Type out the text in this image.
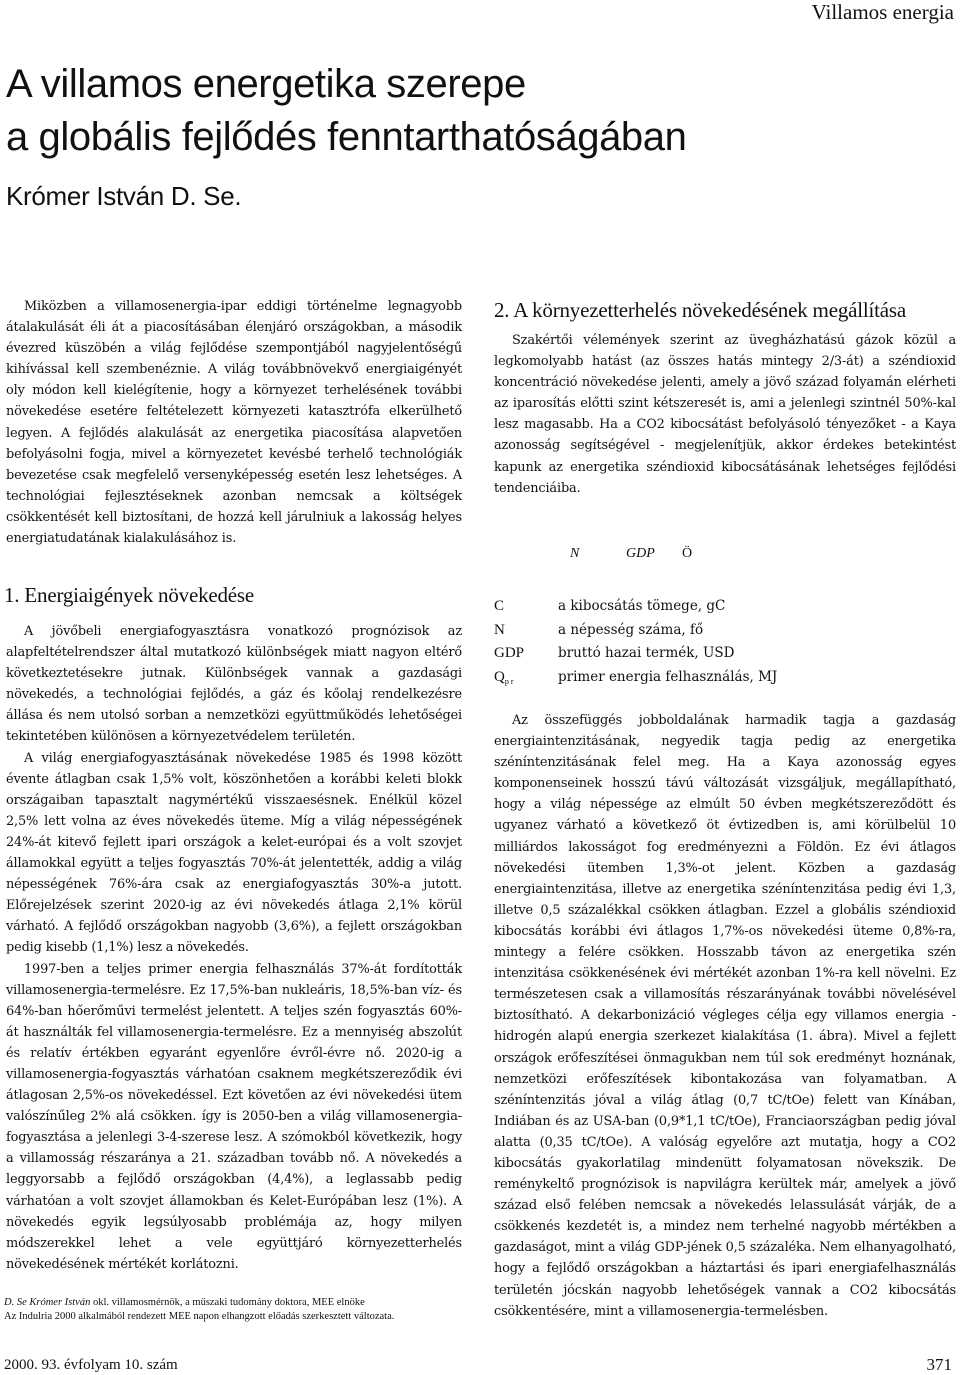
Villamos energia
A villamos energetika szerepe
a globális fejlődés fenntarthatóságában
Krómer István D. Se.

Miközben a villamosenergia-ipar eddigi történelme legnagyobb átalakulását éli át a piacosításában élenjáró országokban, a második évezred küszöbén a világ fejlődése szempontjából nagyjelentőségű kihívással kell szembenéznie. A világ továbbnövekvő energiaigényét oly módon kell kielégítenie, hogy a környezet terhelésének további növekedése esetére feltételezett környezeti katasztrófa elkerülhető legyen. A fejlődés alakulását az energetika piacosítása alapvetően befolyásolni fogja, mivel a környezetet kevésbé terhelő technológiák bevezetése csak megfelelő versenyképesség esetén lesz lehetséges. A technológiai fejlesztéseknek azonban nemcsak a költségek csökkentését kell biztosítani, de hozzá kell járulniuk a lakosság helyes energiatudatának kialakulásához is.

1. Energiaigények növekedése

A jövőbeli energiafogyasztásra vonatkozó prognózisok az alapfeltételrendszer által mutatkozó különbségek miatt nagyon eltérő következtetésekre jutnak. Különbségek vannak a gazdasági növekedés, a technológiai fejlődés, a gáz és kőolaj rendelkezésre állása és nem utolsó sorban a nemzetközi együttműködés lehetőségei tekintetében különösen a környezetvédelem területén.

A világ energiafogyasztásának növekedése 1985 és 1998 között évente átlagban csak 1,5% volt, köszönhetően a korábbi keleti blokk országaiban tapasztalt nagymértékű visszaesésnek. Enélkül közel 2,5% lett volna az éves növekedés üteme. Míg a világ népességének 24%-át kitevő fejlett ipari országok a kelet-európai és a volt szovjet államokkal együtt a teljes fogyasztás 70%-át jelentették, addig a világ népességének 76%-ára csak az energiafogyasztás 30%-a jutott. Előrejelzések szerint 2020-ig az évi növekedés átlaga 2,1% körül várható. A fejlődő országokban nagyobb (3,6%), a fejlett országokban pedig kisebb (1,1%) lesz a növekedés.

1997-ben a teljes primer energia felhasználás 37%-át fordították villamosenergia-termelésre. Ez 17,5%-ban nukleáris, 18,5%-ban víz- és 64%-ban hőerőművi termelést jelentett. A teljes szén fogyasztás 60%-át használták fel villamosenergia-termelésre. Ez a mennyiség abszolút és relatív értékben egyaránt egyenlőre évről-évre nő. 2020-ig a villamosenergia-fogyasztás várhatóan csaknem megkétszereződik évi átlagosan 2,5%-os növekedéssel. Ezt követően az évi növekedési ütem valószínűleg 2% alá csökken. így is 2050-ben a világ villamosenergia-fogyasztása a jelenlegi 3-4-szerese lesz. A szómokból következik, hogy a villamosság részaránya a 21. században tovább nő. A növekedés a leggyorsabb a fejlődő országokban (4,4%), a leglassabb pedig várhatóan a volt szovjet államokban és Kelet-Európában lesz (1%). A növekedés egyik legsúlyosabb problémája az, hogy milyen módszerekkel lehet a vele együttjáró környezetterhelés növekedésének mértékét korlátozni.

D. Se Krómer István okl. villamosmérnök, a műszaki tudomány doktora, MEE elnöke
Az Indulria 2000 alkalmából rendezett MEE napon elhangzott előadás szerkesztett változata.
2. A környezetterhelés növekedésének megállítása

Szakértői vélemények szerint az üvegházhatású gázok közül a legkomolyabb hatást (az összes hatás mintegy 2/3-át) a széndioxid koncentráció növekedése jelenti, amely a jövő század folyamán elérheti az iparosítás előtti szint kétszeresét is, ami a jelenlegi szintnél 50%-kal lesz magasabb. Ha a CO2 kibocsátást befolyásoló tényezőket - a Kaya azonosság segítségével - megjelenítjük, akkor érdekes betekintést kapunk az energetika széndioxid kibocsátásának lehetséges fejlődési tendenciáiba.

N	GDP	Ö
C	a kibocsátás tömege, gC
N	a népesség száma, fő
GDP	bruttó hazai termék, USD
$Q_{pr}$	primer energia felhasználás, MJ

Az összefüggés jobboldalának harmadik tagja a gazdaság energiaintenzitásának, negyedik tagja pedig az energetika széníntenzitásának felel meg. Ha a Kaya azonosság egyes komponenseinek hosszú távú változását vizsgáljuk, megállapítható, hogy a világ népessége az elmúlt 50 évben megkétszereződött és ugyanez várható a következő öt évtizedben is, ami körülbelül 10 milliárdos lakosságot fog eredményezni a Földön. Ez évi átlagos növekedési ütemben 1,3%-ot jelent. Közben a gazdaság energiaintenzitása, illetve az energetika széníntenzitása pedig évi 1,3, illetve 0,5 százalékkal csökken átlagban. Ezzel a globális széndioxid kibocsátás korábbi évi átlagos 1,7%-os növekedési üteme 0,8%-ra, mintegy a felére csökken. Hosszabb távon az energetika szén intenzitása csökkenésének évi mértékét azonban 1%-ra kell növelni. Ez természetesen csak a villamosítás részarányának további növelésével biztosítható. A dekarbonizáció végleges célja egy villamos energia - hidrogén alapú energia szerkezet kialakítása (1. ábra). Mivel a fejlett országok erőfeszítései önmagukban nem túl sok eredményt hoznának, nemzetközi erőfeszítések kibontakozása van folyamatban. A széníntenzitás jóval a világ átlag (0,7 tC/tOe) felett van Kínában, Indiában és az USA-ban (0,9*1,1 tC/tOe), Franciaországban pedig jóval alatta (0,35 tC/tOe). A valóság egyelőre azt mutatja, hogy a CO2 kibocsátás gyakorlatilag mindenütt folyamatosan növekszik. De reménykeltő prognózisok is napvilágra kerültek már, amelyek a jövő század első felében nemcsak a növekedés lelassulását várják, de a csökkenés kezdetét is, a mindez nem terhelné nagyobb mértékben a gazdaságot, mint a világ GDP-jének 0,5 százaléka. Nem elhanyagolható, hogy a fejlődő országokban a háztartási és ipari energiafelhasználás területén jócskán nagyobb lehetőségek vannak a CO2 kibocsátás csökkentésére, mint a villamosenergia-termelésben.

2000. 93. évfolyam 10. szám	371
